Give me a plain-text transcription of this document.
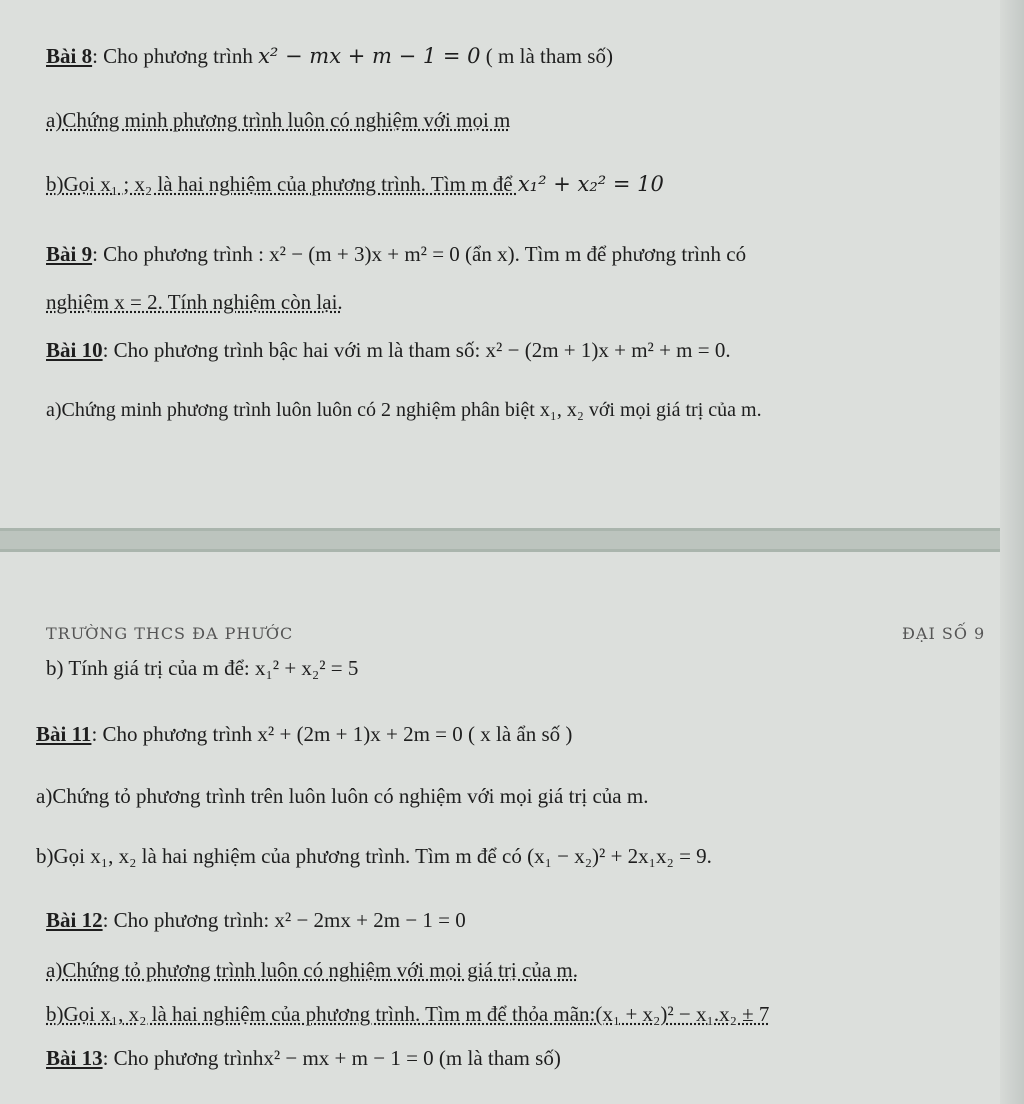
Bài 8: Cho phương trình x² − mx + m − 1 = 0 ( m là tham số)
a)Chứng minh phương trình luôn có nghiệm với mọi m
b)Gọi x₁ ; x₂ là hai nghiệm của phương trình. Tìm m để x₁² + x₂² = 10
Bài 9: Cho phương trình : x² − (m + 3)x + m² = 0 (ẩn x). Tìm m để phương trình có
nghiệm x = 2. Tính nghiệm còn lại.
Bài 10: Cho phương trình bậc hai với m là tham số: x² − (2m + 1)x + m² + m = 0.
a)Chứng minh phương trình luôn luôn có 2 nghiệm phân biệt x₁, x₂ với mọi giá trị của m.
TRƯỜNG THCS ĐA PHƯỚC	ĐẠI SỐ 9
b) Tính giá trị của m để: x₁² + x₂² = 5
Bài 11: Cho phương trình x² + (2m + 1)x + 2m = 0 ( x là ẩn số )
a)Chứng tỏ phương trình trên luôn luôn có nghiệm với mọi giá trị của m.
b)Gọi x₁, x₂ là hai nghiệm của phương trình. Tìm m để có (x₁ − x₂)² + 2x₁x₂ = 9.
Bài 12: Cho phương trình: x² − 2mx + 2m − 1 = 0
a)Chứng tỏ phương trình luôn có nghiệm với mọi giá trị của m.
b)Gọi x₁, x₂ là hai nghiệm của phương trình. Tìm m để thỏa mãn:(x₁ + x₂)² − x₁.x₂ ± 7
Bài 13: Cho phương trìnhx² − mx + m − 1 = 0 (m là tham số)
